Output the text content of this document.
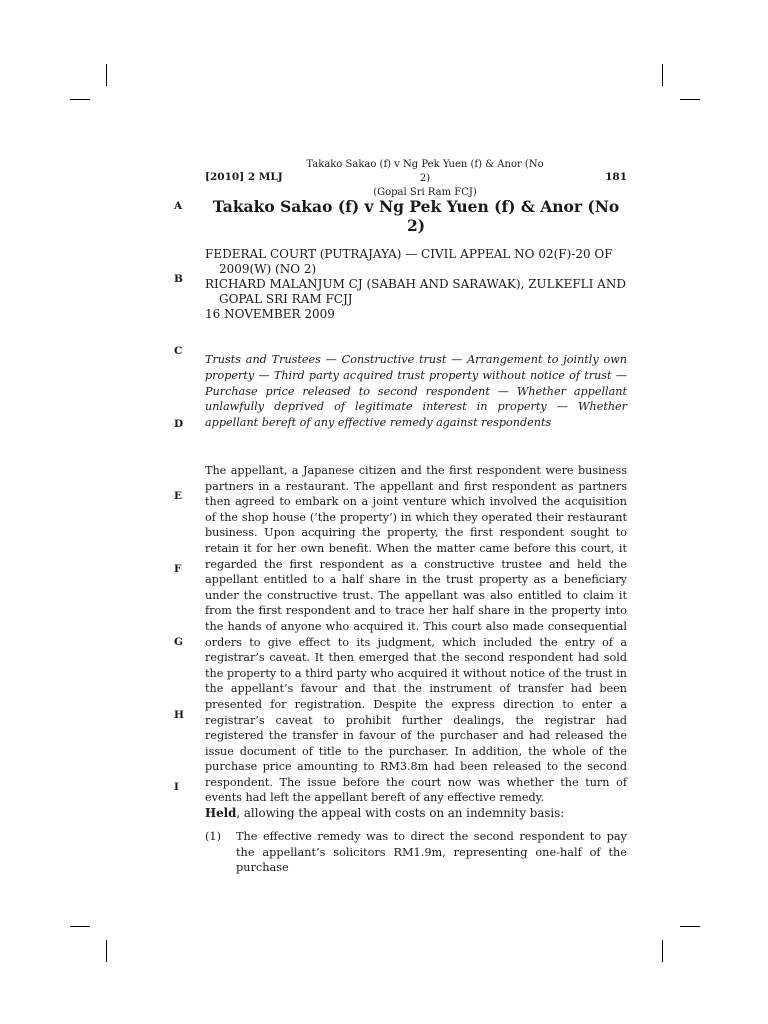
[2010] 2 MLJ
Takako Sakao (f) v Ng Pek Yuen (f) & Anor (No 2)
(Gopal Sri Ram FCJ)
181
A
B
C
D
E
F
G
H
I
Takako Sakao (f) v Ng Pek Yuen (f) & Anor (No 2)
FEDERAL COURT (PUTRAJAYA) — CIVIL APPEAL NO 02(F)-20 OF 2009(W) (NO 2)
RICHARD MALANJUM CJ (SABAH AND SARAWAK), ZULKEFLI AND GOPAL SRI RAM FCJJ
16 NOVEMBER 2009
Trusts and Trustees — Constructive trust — Arrangement to jointly own property — Third party acquired trust property without notice of trust — Purchase price released to second respondent — Whether appellant unlawfully deprived of legitimate interest in property — Whether appellant bereft of any effective remedy against respondents
The appellant, a Japanese citizen and the first respondent were business partners in a restaurant. The appellant and first respondent as partners then agreed to embark on a joint venture which involved the acquisition of the shop house (‘the property’) in which they operated their restaurant business. Upon acquiring the property, the first respondent sought to retain it for her own benefit. When the matter came before this court, it regarded the first respondent as a constructive trustee and held the appellant entitled to a half share in the trust property as a beneficiary under the constructive trust. The appellant was also entitled to claim it from the first respondent and to trace her half share in the property into the hands of anyone who acquired it. This court also made consequential orders to give effect to its judgment, which included the entry of a registrar’s caveat. It then emerged that the second respondent had sold the property to a third party who acquired it without notice of the trust in the appellant’s favour and that the instrument of transfer had been presented for registration. Despite the express direction to enter a registrar’s caveat to prohibit further dealings, the registrar had registered the transfer in favour of the purchaser and had released the issue document of title to the purchaser. In addition, the whole of the purchase price amounting to RM3.8m had been released to the second respondent. The issue before the court now was whether the turn of events had left the appellant bereft of any effective remedy.
Held, allowing the appeal with costs on an indemnity basis:
(1)	The effective remedy was to direct the second respondent to pay the appellant’s solicitors RM1.9m, representing one-half of the purchase
